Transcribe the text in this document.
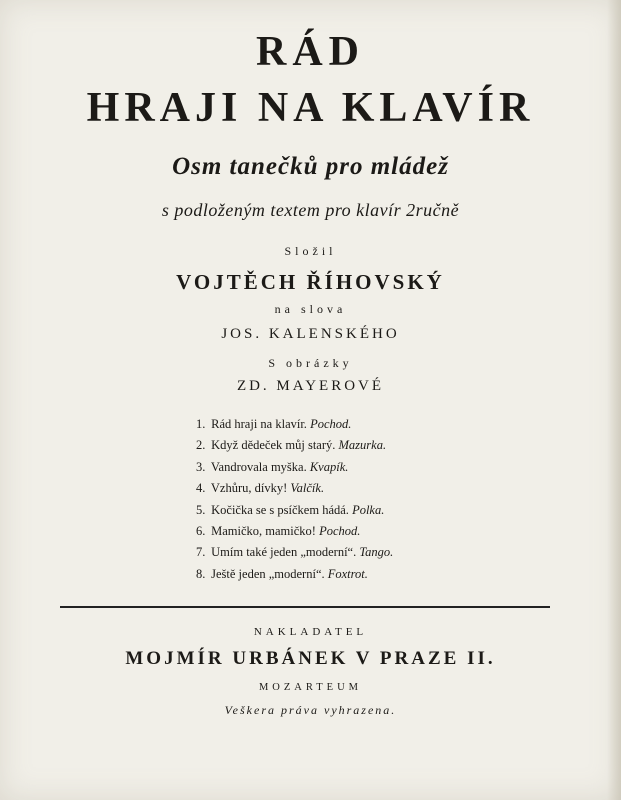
RÁD
HRAJI NA KLAVÍR
Osm tanečků pro mládež
s podloženým textem pro klavír 2ručně
Složil
VOJTĚCH ŘÍHOVSKÝ
na slova
JOS. KALENSKÉHO
S obrázky
ZD. MAYEROVÉ
1. Rád hraji na klavír. Pochod.
2. Když dědeček můj starý. Mazurka.
3. Vandrovala myška. Kvapík.
4. Vzhůru, dívky! Valčík.
5. Kočička se s psíčkem hádá. Polka.
6. Mamičko, mamičko! Pochod.
7. Umím také jeden „moderní“. Tango.
8. Ještě jeden „moderní“. Foxtrot.
NAKLADATEL
MOJMÍR URBÁNEK V PRAZE II.
MOZARTEUM
Veškera práva vyhrazena.
